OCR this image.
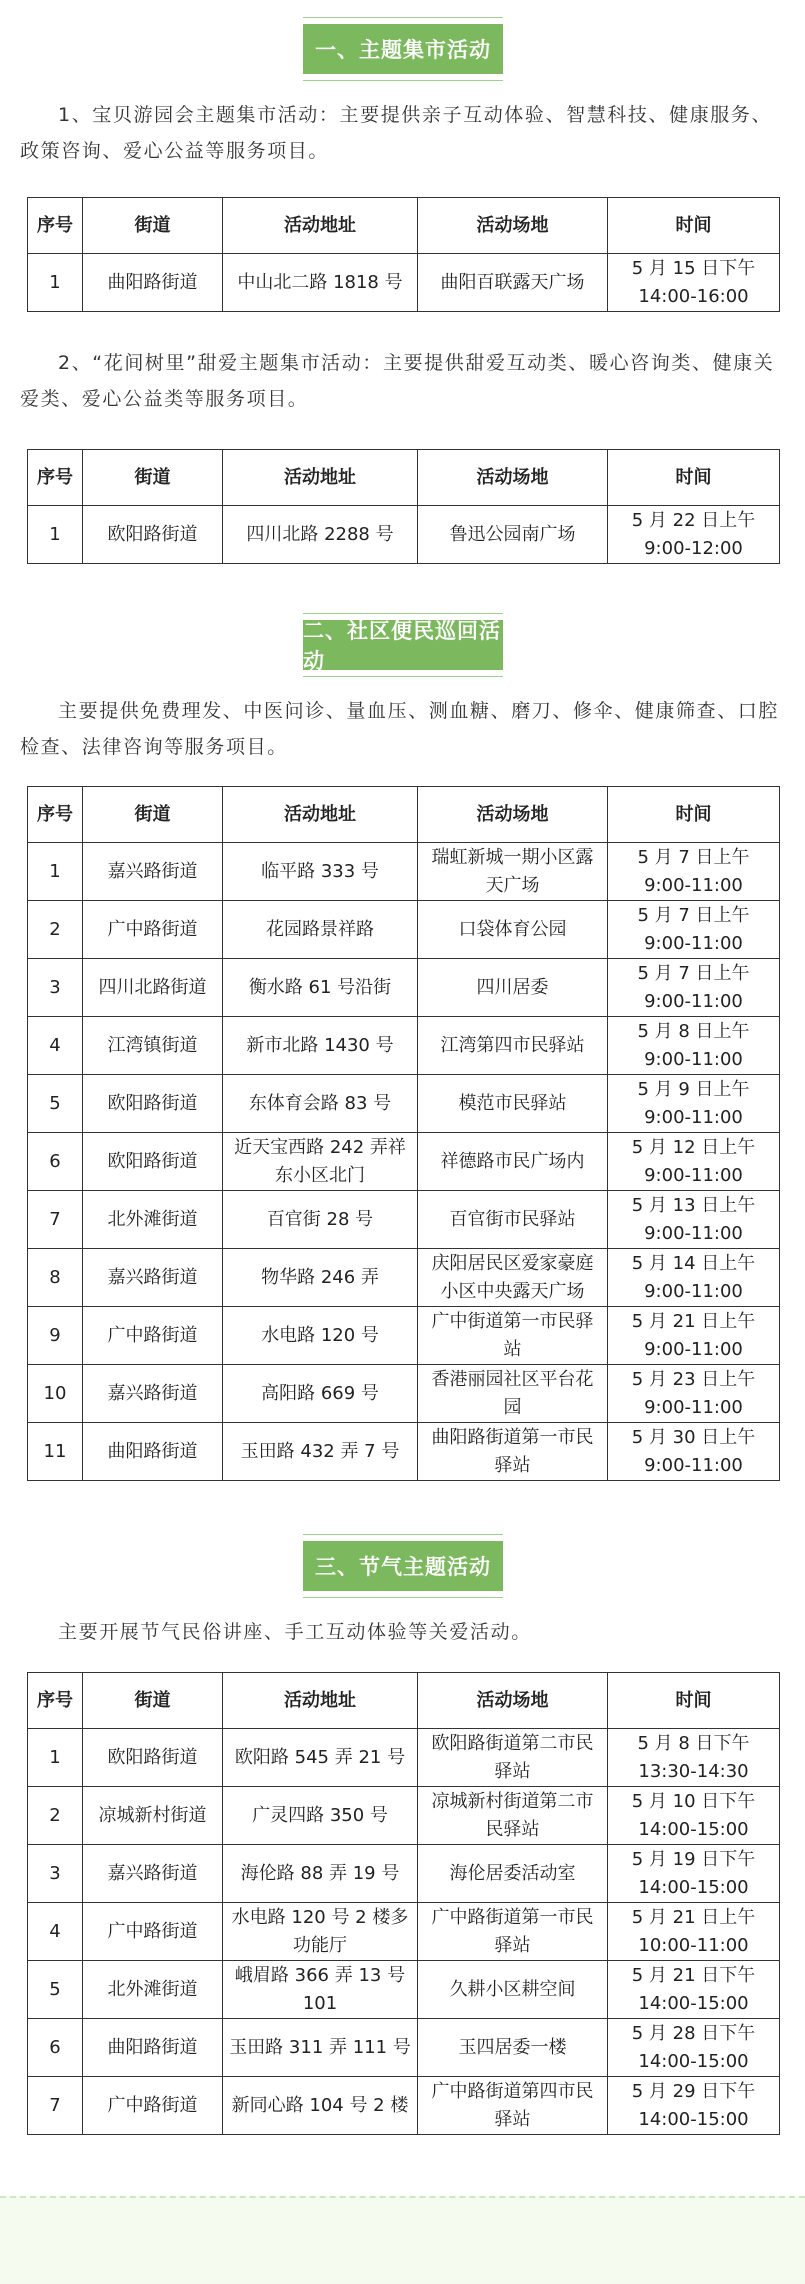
一、主题集市活动

1、宝贝游园会主题集市活动：主要提供亲子互动体验、智慧科技、健康服务、政策咨询、爱心公益等服务项目。

序号	街道	活动地址	活动场地	时间
1	曲阳路街道	中山北二路 1818 号	曲阳百联露天广场	5 月 15 日下午 14:00-16:00

2、“花间树里”甜爱主题集市活动：主要提供甜爱互动类、暖心咨询类、健康关爱类、爱心公益类等服务项目。

序号	街道	活动地址	活动场地	时间
1	欧阳路街道	四川北路 2288 号	鲁迅公园南广场	5 月 22 日上午 9:00-12:00
二、社区便民巡回活动

主要提供免费理发、中医问诊、量血压、测血糖、磨刀、修伞、健康筛查、口腔检查、法律咨询等服务项目。

序号	街道	活动地址	活动场地	时间
1	嘉兴路街道	临平路 333 号	瑞虹新城一期小区露天广场	5 月 7 日上午 9:00-11:00
2	广中路街道	花园路景祥路	口袋体育公园	5 月 7 日上午 9:00-11:00
3	四川北路街道	衡水路 61 号沿街	四川居委	5 月 7 日上午 9:00-11:00
4	江湾镇街道	新市北路 1430 号	江湾第四市民驿站	5 月 8 日上午 9:00-11:00
5	欧阳路街道	东体育会路 83 号	模范市民驿站	5 月 9 日上午 9:00-11:00
6	欧阳路街道	近天宝西路 242 弄祥东小区北门	祥德路市民广场内	5 月 12 日上午 9:00-11:00
7	北外滩街道	百官街 28 号	百官街市民驿站	5 月 13 日上午 9:00-11:00
8	嘉兴路街道	物华路 246 弄	庆阳居民区爱家豪庭小区中央露天广场	5 月 14 日上午 9:00-11:00
9	广中路街道	水电路 120 号	广中街道第一市民驿站	5 月 21 日上午 9:00-11:00
10	嘉兴路街道	高阳路 669 号	香港丽园社区平台花园	5 月 23 日上午 9:00-11:00
11	曲阳路街道	玉田路 432 弄 7 号	曲阳路街道第一市民驿站	5 月 30 日上午 9:00-11:00
三、节气主题活动

主要开展节气民俗讲座、手工互动体验等关爱活动。

序号	街道	活动地址	活动场地	时间
1	欧阳路街道	欧阳路 545 弄 21 号	欧阳路街道第二市民驿站	5 月 8 日下午 13:30-14:30
2	凉城新村街道	广灵四路 350 号	凉城新村街道第二市民驿站	5 月 10 日下午 14:00-15:00
3	嘉兴路街道	海伦路 88 弄 19 号	海伦居委活动室	5 月 19 日下午 14:00-15:00
4	广中路街道	水电路 120 号 2 楼多功能厅	广中路街道第一市民驿站	5 月 21 日上午 10:00-11:00
5	北外滩街道	峨眉路 366 弄 13 号 101	久耕小区耕空间	5 月 21 日下午 14:00-15:00
6	曲阳路街道	玉田路 311 弄 111 号	玉四居委一楼	5 月 28 日下午 14:00-15:00
7	广中路街道	新同心路 104 号 2 楼	广中路街道第四市民驿站	5 月 29 日下午 14:00-15:00
